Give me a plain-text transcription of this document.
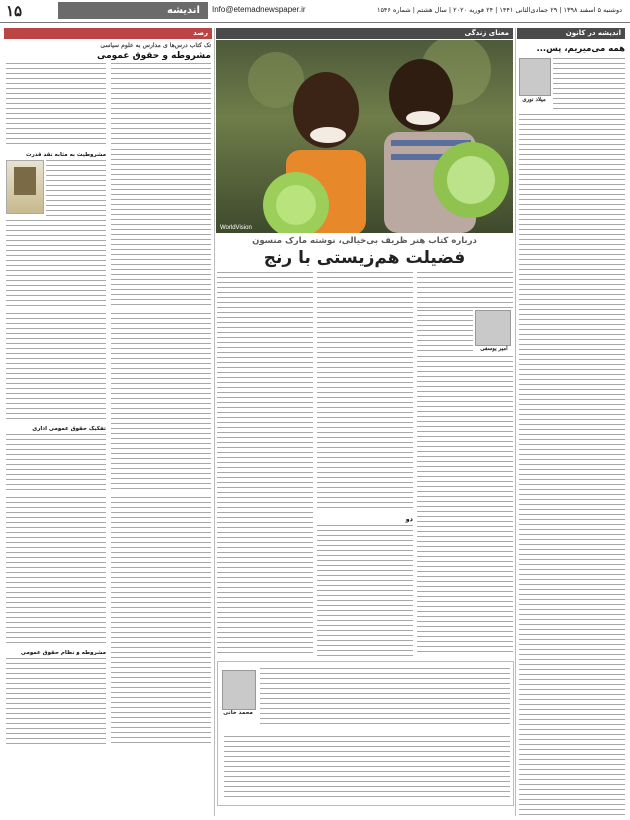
۱۵	اندیشه	Info@etemadnewspaper.ir	دوشنبه ۵ اسفند ۱۳۹۸ | ۲۹ جمادی‌الثانی ۱۴۴۱ | ۲۴ فوریه ۲۰۲۰ | سال هشتم | شماره ۱۵۴۶
اندیشه در کانون
معنای زندگی
رصد
همه می‌میریم، پس...
میلاد نوری
WorldVision
درباره کتاب هنر ظریف بی‌خیالی، نوشته مارک منسون
فضیلت هم‌زیستی با رنج
امیر یوسفی
دو
محمد خانی
تک کتاب درس‌ها ی مدارس به علوم سیاسی
مشروطه و حقوق عمومی
مشروطیت به مثابه نقد قدرت
تفکیک حقوق عمومی اداری
مشروطه و نظام حقوق عمومی
